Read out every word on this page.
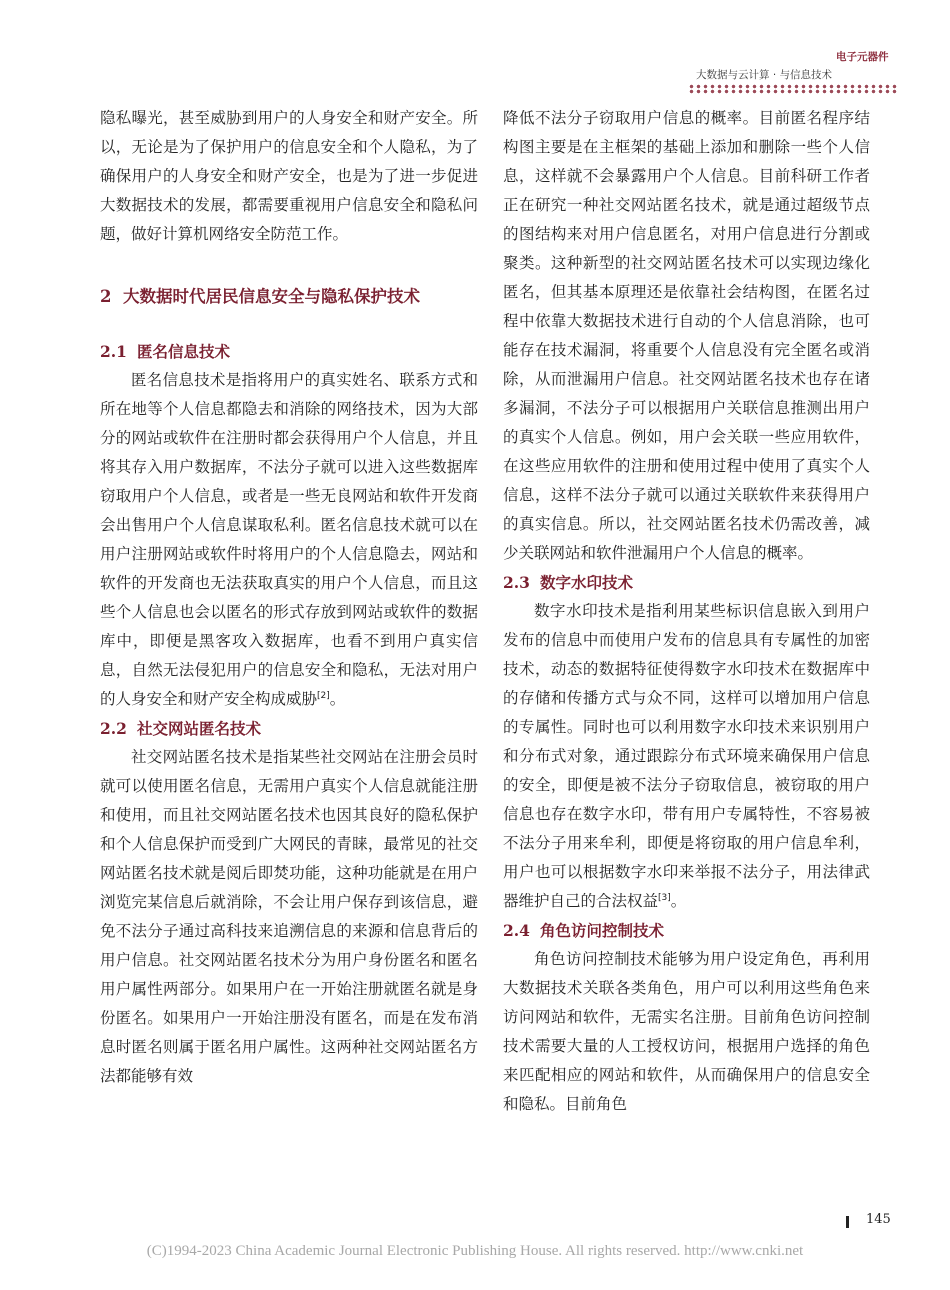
大数据与云计算 · 与信息技术
电子元器件

隐私曝光，甚至威胁到用户的人身安全和财产安全。所以，无论是为了保护用户的信息安全和个人隐私，为了确保用户的人身安全和财产安全，也是为了进一步促进大数据技术的发展，都需要重视用户信息安全和隐私问题，做好计算机网络安全防范工作。

2 大数据时代居民信息安全与隐私保护技术
2.1 匿名信息技术

匿名信息技术是指将用户的真实姓名、联系方式和所在地等个人信息都隐去和消除的网络技术，因为大部分的网站或软件在注册时都会获得用户个人信息，并且将其存入用户数据库，不法分子就可以进入这些数据库窃取用户个人信息，或者是一些无良网站和软件开发商会出售用户个人信息谋取私利。匿名信息技术就可以在用户注册网站或软件时将用户的个人信息隐去，网站和软件的开发商也无法获取真实的用户个人信息，而且这些个人信息也会以匿名的形式存放到网站或软件的数据库中，即便是黑客攻入数据库，也看不到用户真实信息，自然无法侵犯用户的信息安全和隐私，无法对用户的人身安全和财产安全构成威胁[2]。

2.2 社交网站匿名技术

社交网站匿名技术是指某些社交网站在注册会员时就可以使用匿名信息，无需用户真实个人信息就能注册和使用，而且社交网站匿名技术也因其良好的隐私保护和个人信息保护而受到广大网民的青睐，最常见的社交网站匿名技术就是阅后即焚功能，这种功能就是在用户浏览完某信息后就消除，不会让用户保存到该信息，避免不法分子通过高科技来追溯信息的来源和信息背后的用户信息。社交网站匿名技术分为用户身份匿名和匿名用户属性两部分。如果用户在一开始注册就匿名就是身份匿名。如果用户一开始注册没有匿名，而是在发布消息时匿名则属于匿名用户属性。这两种社交网站匿名方法都能够有效

降低不法分子窃取用户信息的概率。目前匿名程序结构图主要是在主框架的基础上添加和删除一些个人信息，这样就不会暴露用户个人信息。目前科研工作者正在研究一种社交网站匿名技术，就是通过超级节点的图结构来对用户信息匿名，对用户信息进行分割或聚类。这种新型的社交网站匿名技术可以实现边缘化匿名，但其基本原理还是依靠社会结构图，在匿名过程中依靠大数据技术进行自动的个人信息消除，也可能存在技术漏洞，将重要个人信息没有完全匿名或消除，从而泄漏用户信息。社交网站匿名技术也存在诸多漏洞，不法分子可以根据用户关联信息推测出用户的真实个人信息。例如，用户会关联一些应用软件，在这些应用软件的注册和使用过程中使用了真实个人信息，这样不法分子就可以通过关联软件来获得用户的真实信息。所以，社交网站匿名技术仍需改善，减少关联网站和软件泄漏用户个人信息的概率。

2.3 数字水印技术

数字水印技术是指利用某些标识信息嵌入到用户发布的信息中而使用户发布的信息具有专属性的加密技术，动态的数据特征使得数字水印技术在数据库中的存储和传播方式与众不同，这样可以增加用户信息的专属性。同时也可以利用数字水印技术来识别用户和分布式对象，通过跟踪分布式环境来确保用户信息的安全，即便是被不法分子窃取信息，被窃取的用户信息也存在数字水印，带有用户专属特性，不容易被不法分子用来牟利，即便是将窃取的用户信息牟利，用户也可以根据数字水印来举报不法分子，用法律武器维护自己的合法权益[3]。

2.4 角色访问控制技术

角色访问控制技术能够为用户设定角色，再利用大数据技术关联各类角色，用户可以利用这些角色来访问网站和软件，无需实名注册。目前角色访问控制技术需要大量的人工授权访问，根据用户选择的角色来匹配相应的网站和软件，从而确保用户的信息安全和隐私。目前角色

145
(C)1994-2023 China Academic Journal Electronic Publishing House. All rights reserved. http://www.cnki.net
